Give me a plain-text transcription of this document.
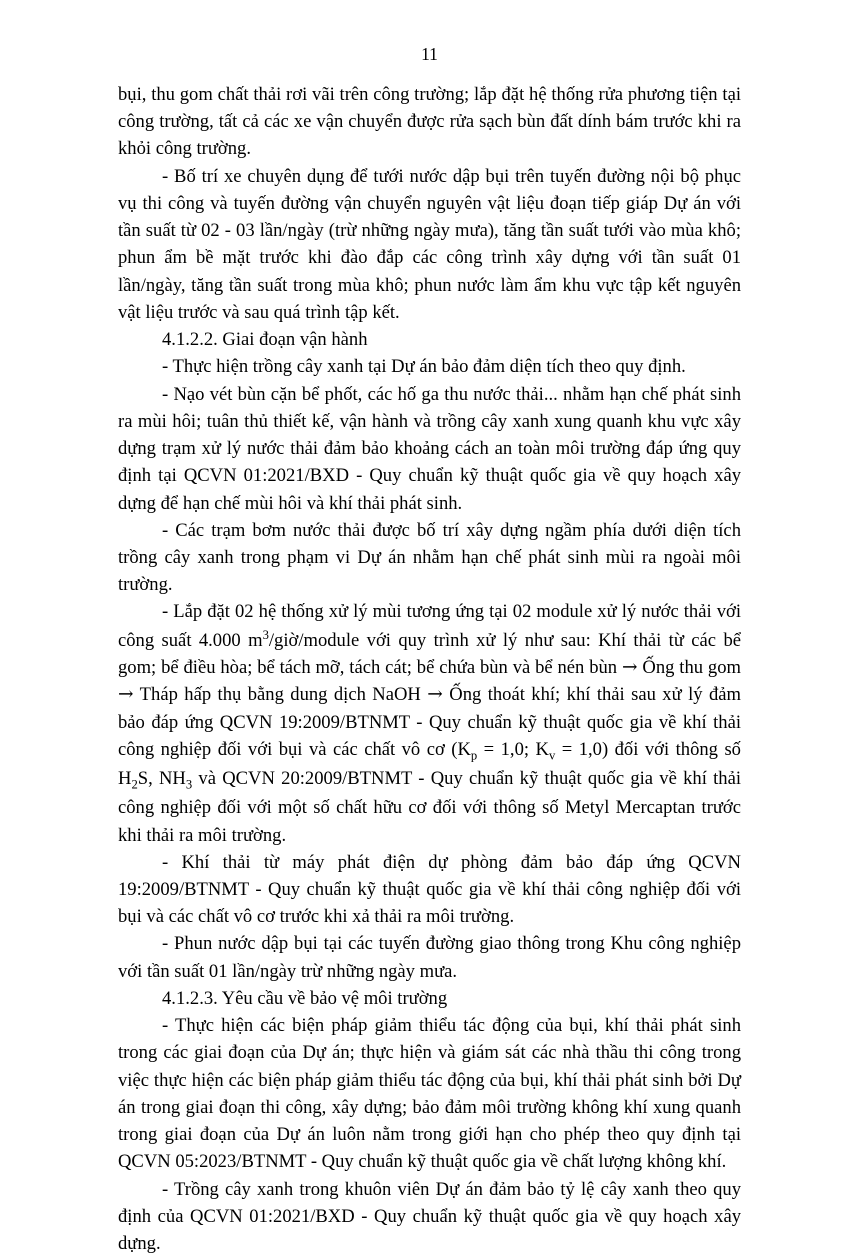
11

bụi, thu gom chất thải rơi vãi trên công trường; lắp đặt hệ thống rửa phương tiện tại công trường, tất cả các xe vận chuyển được rửa sạch bùn đất dính bám trước khi ra khỏi công trường.

- Bố trí xe chuyên dụng để tưới nước dập bụi trên tuyến đường nội bộ phục vụ thi công và tuyến đường vận chuyển nguyên vật liệu đoạn tiếp giáp Dự án với tần suất từ 02 - 03 lần/ngày (trừ những ngày mưa), tăng tần suất tưới vào mùa khô; phun ẩm bề mặt trước khi đào đắp các công trình xây dựng với tần suất 01 lần/ngày, tăng tần suất trong mùa khô; phun nước làm ẩm khu vực tập kết nguyên vật liệu trước và sau quá trình tập kết.

4.1.2.2. Giai đoạn vận hành

- Thực hiện trồng cây xanh tại Dự án bảo đảm diện tích theo quy định.

- Nạo vét bùn cặn bể phốt, các hố ga thu nước thải... nhằm hạn chế phát sinh ra mùi hôi; tuân thủ thiết kế, vận hành và trồng cây xanh xung quanh khu vực xây dựng trạm xử lý nước thải đảm bảo khoảng cách an toàn môi trường đáp ứng quy định tại QCVN 01:2021/BXD - Quy chuẩn kỹ thuật quốc gia về quy hoạch xây dựng để hạn chế mùi hôi và khí thải phát sinh.

- Các trạm bơm nước thải được bố trí xây dựng ngầm phía dưới diện tích trồng cây xanh trong phạm vi Dự án nhằm hạn chế phát sinh mùi ra ngoài môi trường.

- Lắp đặt 02 hệ thống xử lý mùi tương ứng tại 02 module xử lý nước thải với công suất 4.000 $m^3/giờ$/module với quy trình xử lý như sau: Khí thải từ các bể gom; bể điều hòa; bể tách mỡ, tách cát; bể chứa bùn và bể nén bùn → Ống thu gom → Tháp hấp thụ bằng dung dịch NaOH → Ống thoát khí; khí thải sau xử lý đảm bảo đáp ứng QCVN 19:2009/BTNMT - Quy chuẩn kỹ thuật quốc gia về khí thải công nghiệp đối với bụi và các chất vô cơ ($K_p = 1,0$; $K_v = 1,0$) đối với thông số $H_2S$, $NH_3$ và QCVN 20:2009/BTNMT - Quy chuẩn kỹ thuật quốc gia về khí thải công nghiệp đối với một số chất hữu cơ đối với thông số Metyl Mercaptan trước khi thải ra môi trường.

- Khí thải từ máy phát điện dự phòng đảm bảo đáp ứng QCVN 19:2009/BTNMT - Quy chuẩn kỹ thuật quốc gia về khí thải công nghiệp đối với bụi và các chất vô cơ trước khi xả thải ra môi trường.

- Phun nước dập bụi tại các tuyến đường giao thông trong Khu công nghiệp với tần suất 01 lần/ngày trừ những ngày mưa.

4.1.2.3. Yêu cầu về bảo vệ môi trường

- Thực hiện các biện pháp giảm thiểu tác động của bụi, khí thải phát sinh trong các giai đoạn của Dự án; thực hiện và giám sát các nhà thầu thi công trong việc thực hiện các biện pháp giảm thiểu tác động của bụi, khí thải phát sinh bởi Dự án trong giai đoạn thi công, xây dựng; bảo đảm môi trường không khí xung quanh trong giai đoạn của Dự án luôn nằm trong giới hạn cho phép theo quy định tại QCVN 05:2023/BTNMT - Quy chuẩn kỹ thuật quốc gia về chất lượng không khí.

- Trồng cây xanh trong khuôn viên Dự án đảm bảo tỷ lệ cây xanh theo quy định của QCVN 01:2021/BXD - Quy chuẩn kỹ thuật quốc gia về quy hoạch xây dựng.
